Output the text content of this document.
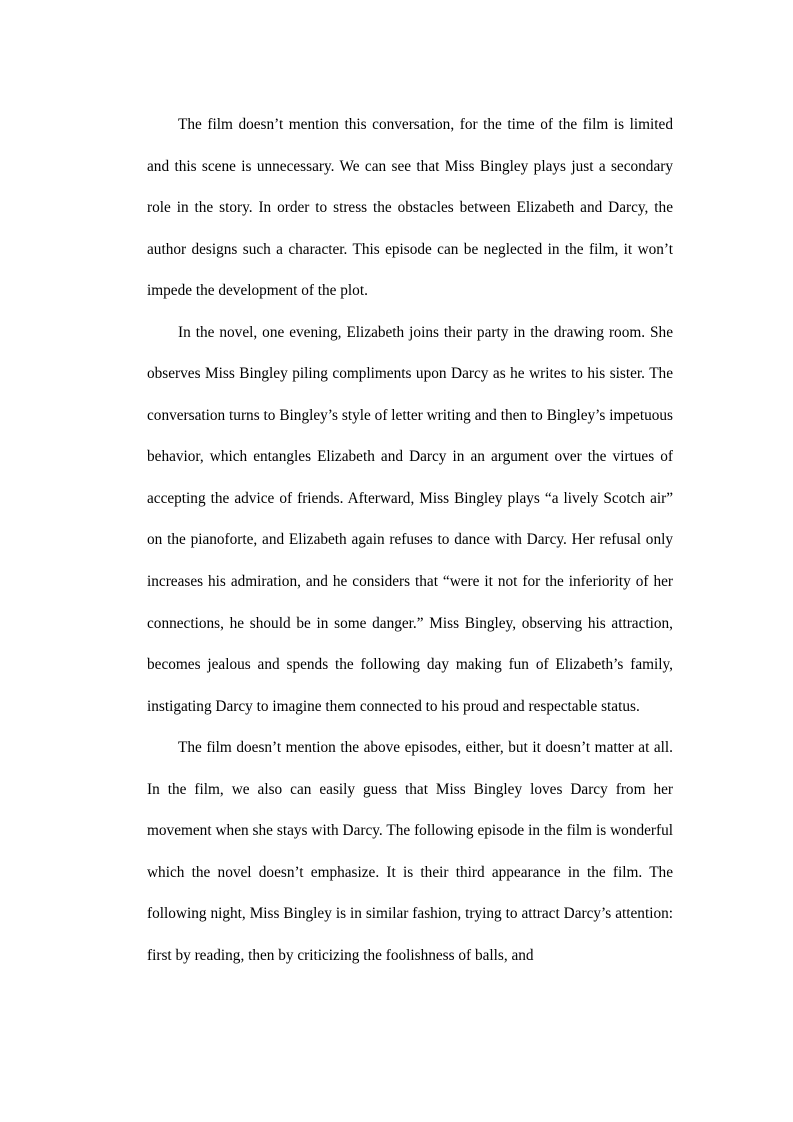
The film doesn’t mention this conversation, for the time of the film is limited and this scene is unnecessary. We can see that Miss Bingley plays just a secondary role in the story. In order to stress the obstacles between Elizabeth and Darcy, the author designs such a character. This episode can be neglected in the film, it won’t impede the development of the plot.

In the novel, one evening, Elizabeth joins their party in the drawing room. She observes Miss Bingley piling compliments upon Darcy as he writes to his sister. The conversation turns to Bingley’s style of letter writing and then to Bingley’s impetuous behavior, which entangles Elizabeth and Darcy in an argument over the virtues of accepting the advice of friends. Afterward, Miss Bingley plays “a lively Scotch air” on the pianoforte, and Elizabeth again refuses to dance with Darcy. Her refusal only increases his admiration, and he considers that “were it not for the inferiority of her connections, he should be in some danger.” Miss Bingley, observing his attraction, becomes jealous and spends the following day making fun of Elizabeth’s family, instigating Darcy to imagine them connected to his proud and respectable status.

The film doesn’t mention the above episodes, either, but it doesn’t matter at all. In the film, we also can easily guess that Miss Bingley loves Darcy from her movement when she stays with Darcy. The following episode in the film is wonderful which the novel doesn’t emphasize. It is their third appearance in the film. The following night, Miss Bingley is in similar fashion, trying to attract Darcy’s attention: first by reading, then by criticizing the foolishness of balls, and
